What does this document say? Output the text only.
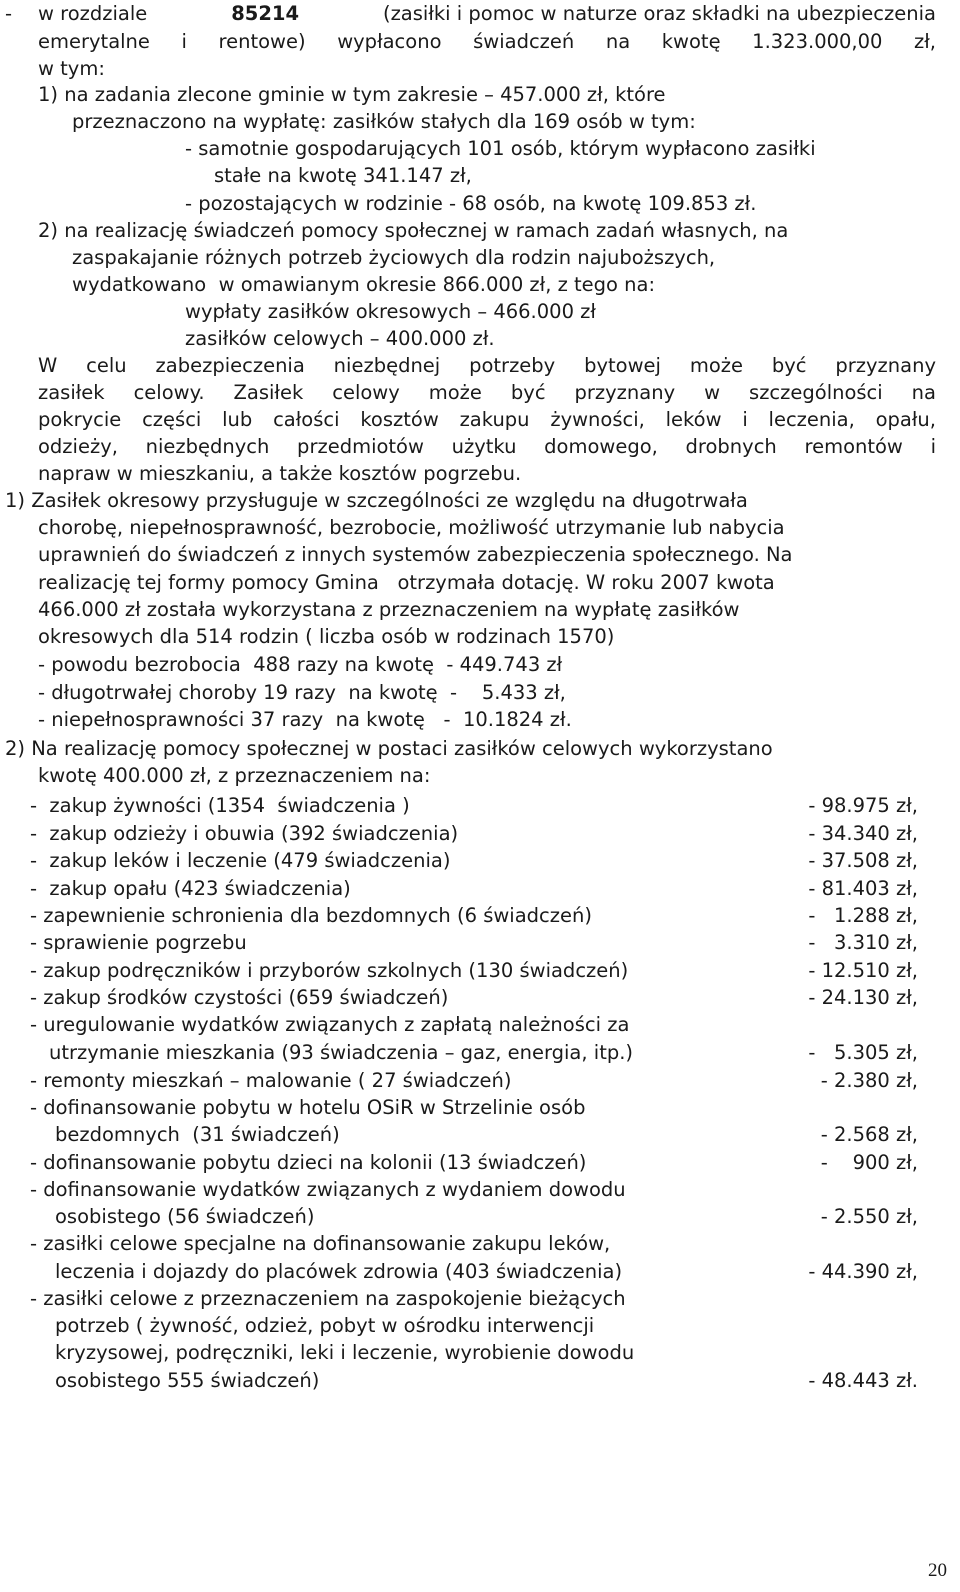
- w rozdziale	85214	(zasiłki i pomoc w naturze oraz składki na ubezpieczenia
emerytalne i rentowe) wypłacono świadczeń na kwotę 1.323.000,00 zł,
w tym:
1) na zadania zlecone gminie w tym zakresie – 457.000 zł, które
przeznaczono na wypłatę: zasiłków stałych dla 169 osób w tym:
- samotnie gospodarujących 101 osób, którym wypłacono zasiłki
stałe na kwotę 341.147 zł,
- pozostających w rodzinie - 68 osób, na kwotę 109.853 zł.
2) na realizację świadczeń pomocy społecznej w ramach zadań własnych, na
zaspakajanie różnych potrzeb życiowych dla rodzin najuboższych,
wydatkowano  w omawianym okresie 866.000 zł, z tego na:
wypłaty zasiłków okresowych – 466.000 zł
zasiłków celowych – 400.000 zł.
W celu zabezpieczenia niezbędnej potrzeby bytowej może być przyznany
zasiłek celowy. Zasiłek celowy może być przyznany w szczególności na
pokrycie części lub całości kosztów zakupu żywności, leków i leczenia, opału,
odzieży, niezbędnych przedmiotów użytku domowego, drobnych remontów i
napraw w mieszkaniu, a także kosztów pogrzebu.
1) Zasiłek okresowy przysługuje w szczególności ze względu na długotrwała
chorobę, niepełnosprawność, bezrobocie, możliwość utrzymanie lub nabycia
uprawnień do świadczeń z innych systemów zabezpieczenia społecznego. Na
realizację tej formy pomocy Gmina   otrzymała dotację. W roku 2007 kwota
466.000 zł została wykorzystana z przeznaczeniem na wypłatę zasiłków
okresowych dla 514 rodzin ( liczba osób w rodzinach 1570)
- powodu bezrobocia  488 razy na kwotę  - 449.743 zł
- długotrwałej choroby 19 razy  na kwotę  -    5.433 zł,
- niepełnosprawności 37 razy  na kwotę   -  10.1824 zł.
2) Na realizację pomocy społecznej w postaci zasiłków celowych wykorzystano
kwotę 400.000 zł, z przeznaczeniem na:
-  zakup żywności (1354  świadczenia )	- 98.975 zł,
-  zakup odzieży i obuwia (392 świadczenia)	- 34.340 zł,
-  zakup leków i leczenie (479 świadczenia)	- 37.508 zł,
-  zakup opału (423 świadczenia)	- 81.403 zł,
- zapewnienie schronienia dla bezdomnych (6 świadczeń)	-   1.288 zł,
- sprawienie pogrzebu	-   3.310 zł,
- zakup podręczników i przyborów szkolnych (130 świadczeń)	- 12.510 zł,
- zakup środków czystości (659 świadczeń)	- 24.130 zł,
- uregulowanie wydatków związanych z zapłatą należności za
utrzymanie mieszkania (93 świadczenia – gaz, energia, itp.)	-   5.305 zł,
- remonty mieszkań – malowanie ( 27 świadczeń)	- 2.380 zł,
- dofinansowanie pobytu w hotelu OSiR w Strzelinie osób
bezdomnych  (31 świadczeń)	- 2.568 zł,
- dofinansowanie pobytu dzieci na kolonii (13 świadczeń)	-    900 zł,
- dofinansowanie wydatków związanych z wydaniem dowodu
osobistego (56 świadczeń)	- 2.550 zł,
- zasiłki celowe specjalne na dofinansowanie zakupu leków,
leczenia i dojazdy do placówek zdrowia (403 świadczenia)	- 44.390 zł,
- zasiłki celowe z przeznaczeniem na zaspokojenie bieżących
potrzeb ( żywność, odzież, pobyt w ośrodku interwencji
kryzysowej, podręczniki, leki i leczenie, wyrobienie dowodu
osobistego 555 świadczeń)	- 48.443 zł.
20
